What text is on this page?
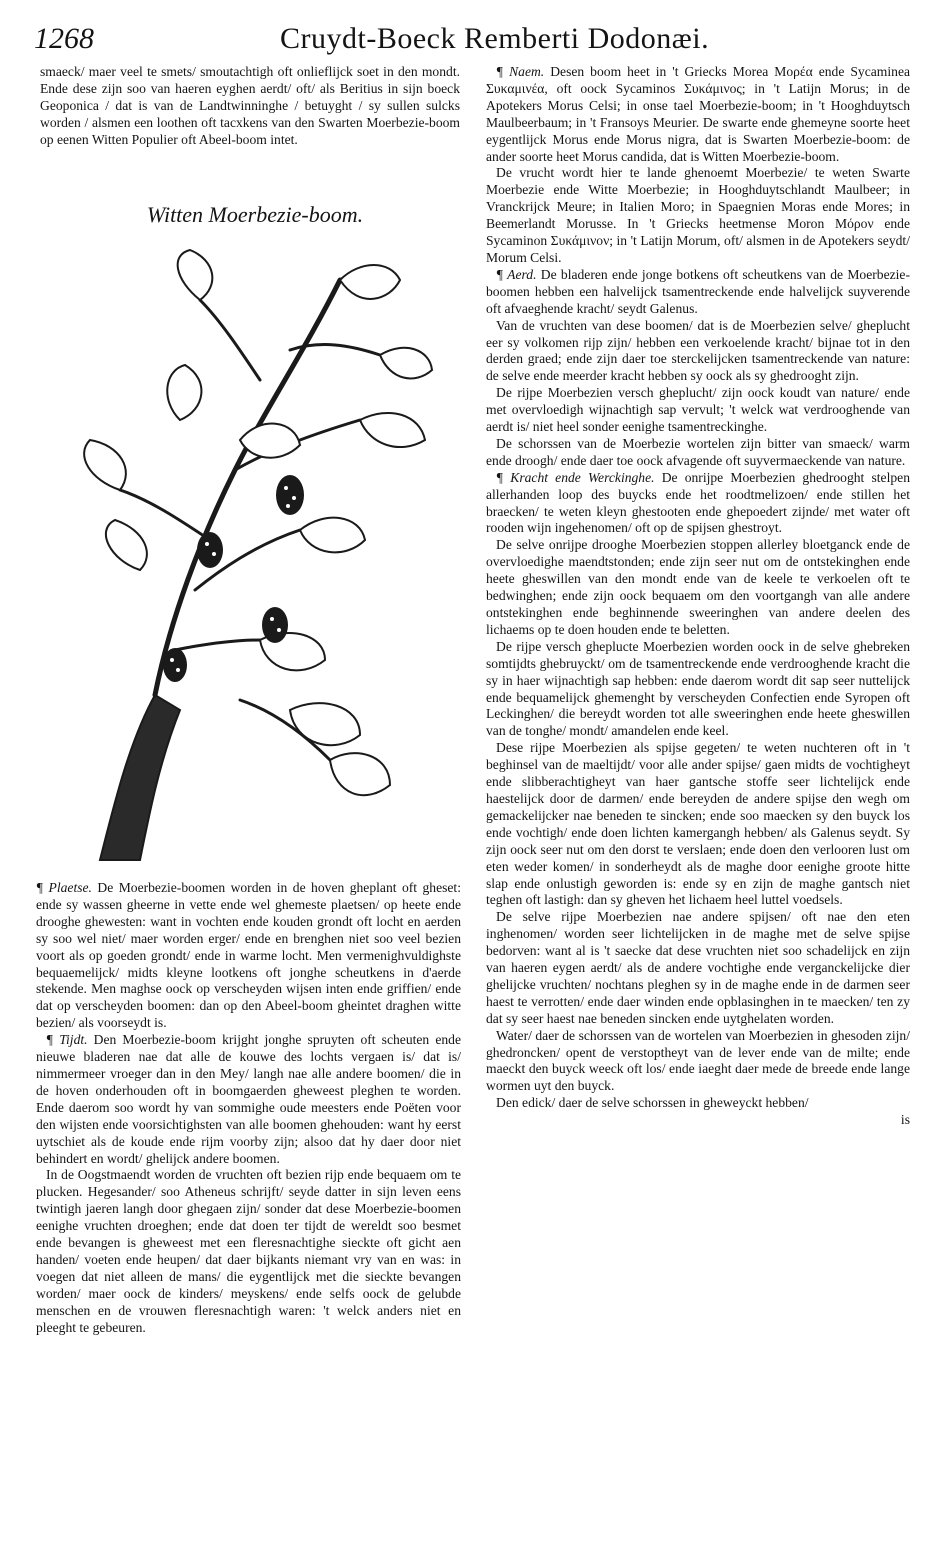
1268	Cruydt-Boeck Remberti Dodonæi.

smaeck/ maer veel te smets/ smoutachtigh oft onlieflijck soet in den mondt. Ende dese zijn soo van haeren eyghen aerdt/ oft/ als Beritius in sijn boeck Geoponica / dat is van de Landtwinninghe / betuyght / sy sullen sulcks worden / alsmen een loothen oft tacxkens van den Swarten Moerbezie-boom op eenen Witten Populier oft Abeel-boom intet.

Witten Moerbezie-boom.

¶ Plaetse. De Moerbezie-boomen worden in de hoven gheplant oft gheset: ende sy wassen gheerne in vette ende wel ghemeste plaetsen/ op heete ende drooghe ghewesten: want in vochten ende kouden grondt oft locht en aerden sy soo wel niet/ maer worden erger/ ende en brenghen niet soo veel bezien voort als op goeden grondt/ ende in warme locht. Men vermenighvuldighste bequaemelijck/ midts kleyne lootkens oft jonghe scheutkens in d'aerde stekende. Men maghse oock op verscheyden wijsen inten ende griffien/ ende dat op verscheyden boomen: dan op den Abeel-boom gheintet draghen witte bezien/ als voorseydt is.

¶ Tijdt. Den Moerbezie-boom krijght jonghe spruyten oft scheuten ende nieuwe bladeren nae dat alle de kouwe des lochts vergaen is/ dat is/ nimmermeer vroeger dan in den Mey/ langh nae alle andere boomen/ die in de hoven onderhouden oft in boomgaerden gheweest pleghen te worden. Ende daerom soo wordt hy van sommighe oude meesters ende Poëten voor den wijsten ende voorsichtighsten van alle boomen ghehouden: want hy eerst uytschiet als de koude ende rijm voorby zijn; alsoo dat hy daer door niet behindert en wordt/ ghelijck andere boomen.

In de Oogstmaendt worden de vruchten oft bezien rijp ende bequaem om te plucken. Hegesander/ soo Atheneus schrijft/ seyde datter in sijn leven eens twintigh jaeren langh door ghegaen zijn/ sonder dat dese Moerbezie-boomen eenighe vruchten droeghen; ende dat doen ter tijdt de wereldt soo besmet ende bevangen is gheweest met een fleresnachtighe sieckte oft gicht aen handen/ voeten ende heupen/ dat daer bijkants niemant vry van en was: in voegen dat niet alleen de mans/ die eygentlijck met die sieckte bevangen worden/ maer oock de kinders/ meyskens/ ende selfs oock de gelubde menschen en de vrouwen fleresnachtigh waren: 't welck anders niet en pleeght te gebeuren.

¶ Naem. Desen boom heet in 't Griecks Morea Μορέα ende Sycaminea Συκαμινέα, oft oock Sycaminos Συκάμινος; in 't Latijn Morus; in de Apotekers Morus Celsi; in onse tael Moerbezie-boom; in 't Hooghduytsch Maulbeerbaum; in 't Fransoys Meurier. De swarte ende ghemeyne soorte heet eygentlijck Morus ende Morus nigra, dat is Swarten Moerbezie-boom: de ander soorte heet Morus candida, dat is Witten Moerbezie-boom.

De vrucht wordt hier te lande ghenoemt Moerbezie/ te weten Swarte Moerbezie ende Witte Moerbezie; in Hooghduytschlandt Maulbeer; in Vranckrijck Meure; in Italien Moro; in Spaegnien Moras ende Mores; in Beemerlandt Morusse. In 't Griecks heetmense Moron Μόρον ende Sycaminon Συκάμινον; in 't Latijn Morum, oft/ alsmen in de Apotekers seydt/ Morum Celsi.

¶ Aerd. De bladeren ende jonge botkens oft scheutkens van de Moerbezie-boomen hebben een halvelijck tsamentreckende ende halvelijck suyverende oft afvaeghende kracht/ seydt Galenus.

Van de vruchten van dese boomen/ dat is de Moerbezien selve/ gheplucht eer sy volkomen rijp zijn/ hebben een verkoelende kracht/ bijnae tot in den derden graed; ende zijn daer toe sterckelijcken tsamentreckende van nature: de selve ende meerder kracht hebben sy oock als sy ghedrooght zijn.

De rijpe Moerbezien versch gheplucht/ zijn oock koudt van nature/ ende met overvloedigh wijnachtigh sap vervult; 't welck wat verdrooghende van aerdt is/ niet heel sonder eenighe tsamentreckinghe.

De schorssen van de Moerbezie wortelen zijn bitter van smaeck/ warm ende droogh/ ende daer toe oock afvagende oft suyvermaeckende van nature.

¶ Kracht ende Werckinghe. De onrijpe Moerbezien ghedrooght stelpen allerhanden loop des buycks ende het roodtmelizoen/ ende stillen het braecken/ te weten kleyn ghestooten ende ghepoedert zijnde/ met water oft rooden wijn ingehenomen/ oft op de spijsen ghestroyt.

De selve onrijpe drooghe Moerbezien stoppen allerley bloetganck ende de overvloedighe maendtstonden; ende zijn seer nut om de ontstekinghen ende heete gheswillen van den mondt ende van de keele te verkoelen oft te bedwinghen; ende zijn oock bequaem om den voortgangh van alle andere ontstekinghen ende beghinnende sweeringhen van andere deelen des lichaems op te doen houden ende te beletten.

De rijpe versch gheplucte Moerbezien worden oock in de selve ghebreken somtijdts ghebruyckt/ om de tsamentreckende ende verdrooghende kracht die sy in haer wijnachtigh sap hebben: ende daerom wordt dit sap seer nuttelijck ende bequamelijck ghemenght by verscheyden Confectien ende Syropen oft Leckinghen/ die bereydt worden tot alle sweeringhen ende heete gheswillen van de tonghe/ mondt/ amandelen ende keel.

Dese rijpe Moerbezien als spijse gegeten/ te weten nuchteren oft in 't beghinsel van de maeltijdt/ voor alle ander spijse/ gaen midts de vochtigheyt ende slibberachtigheyt van haer gantsche stoffe seer lichtelijck ende haestelijck door de darmen/ ende bereyden de andere spijse den wegh om gemackelijcker nae beneden te sincken; ende soo maecken sy den buyck los ende vochtigh/ ende doen lichten kamergangh hebben/ als Galenus seydt. Sy zijn oock seer nut om den dorst te verslaen; ende doen den verlooren lust om eten weder komen/ in sonderheydt als de maghe door eenighe groote hitte slap ende onlustigh geworden is: ende sy en zijn de maghe gantsch niet teghen oft lastigh: dan sy gheven het lichaem heel luttel voedsels.

De selve rijpe Moerbezien nae andere spijsen/ oft nae den eten inghenomen/ worden seer lichtelijcken in de maghe met de selve spijse bedorven: want al is 't saecke dat dese vruchten niet soo schadelijck en zijn van haeren eygen aerdt/ als de andere vochtighe ende verganckelijcke dier ghelijcke vruchten/ nochtans pleghen sy in de maghe ende in de darmen seer haest te verrotten/ ende daer winden ende opblasinghen in te maecken/ ten zy dat sy seer haest nae beneden sincken ende uytghelaten worden.

Water/ daer de schorssen van de wortelen van Moerbezien in ghesoden zijn/ ghedroncken/ opent de verstoptheyt van de lever ende van de milte; ende maeckt den buyck weeck oft los/ ende iaeght daer mede de breede ende lange wormen uyt den buyck.

Den edick/ daer de selve schorssen in gheweyckt hebben/

is
